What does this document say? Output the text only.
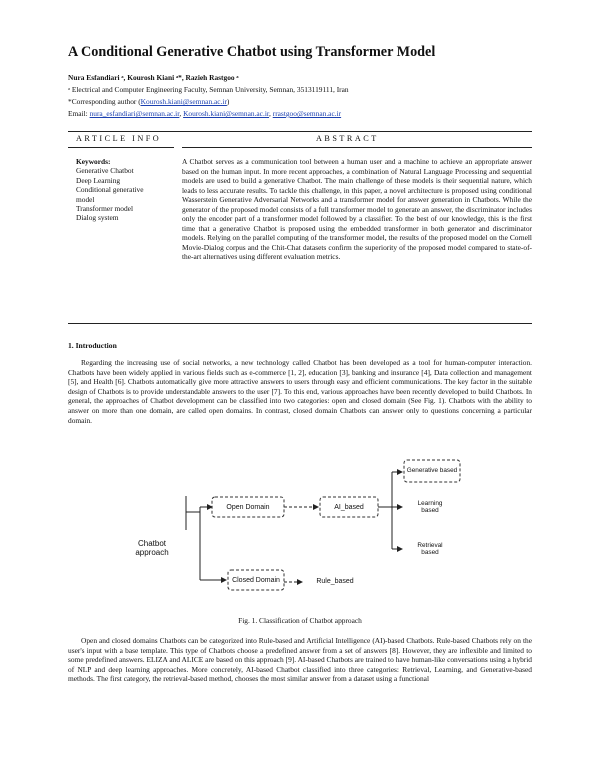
A Conditional Generative Chatbot using Transformer Model
Nura Esfandiari ᵃ, Kourosh Kiani ᵃ*, Razieh Rastgoo ᵃ
ᵃ Electrical and Computer Engineering Faculty, Semnan University, Semnan, 3513119111, Iran
*Corresponding author (Kourosh.kiani@semnan.ac.ir)
Email: nura_esfandiari@semnan.ac.ir, Kourosh.kiani@semnan.ac.ir, rrastgoo@semnan.ac.ir
ARTICLE INFO	ABSTRACT
Keywords:
Generative Chatbot
Deep Learning
Conditional generative
model
Transformer model
Dialog system
A Chatbot serves as a communication tool between a human user and a machine to achieve an appropriate answer based on the human input. In more recent approaches, a combination of Natural Language Processing and sequential models are used to build a generative Chatbot. The main challenge of these models is their sequential nature, which leads to less accurate results. To tackle this challenge, in this paper, a novel architecture is proposed using conditional Wasserstein Generative Adversarial Networks and a transformer model for answer generation in Chatbots. While the generator of the proposed model consists of a full transformer model to generate an answer, the discriminator includes only the encoder part of a transformer model followed by a classifier. To the best of our knowledge, this is the first time that a generative Chatbot is proposed using the embedded transformer in both generator and discriminator models. Relying on the parallel computing of the transformer model, the results of the proposed model on the Cornell Movie-Dialog corpus and the Chit-Chat datasets confirm the superiority of the proposed model compared to state-of-the-art alternatives using different evaluation metrics.
1. Introduction
Regarding the increasing use of social networks, a new technology called Chatbot has been developed as a tool for human-computer interaction. Chatbots have been widely applied in various fields such as e-commerce [1, 2], education [3], banking and insurance [4], Data collection and management [5], and Health [6]. Chatbots automatically give more attractive answers to users through easy and efficient communications. The key factor in the suitable design of Chatbots is to provide understandable answers to the user [7]. To this end, various approaches have been recently developed to build Chatbots. In general, the approaches of Chatbot development can be classified into two categories: open and closed domain (See Fig. 1). Chatbots with the ability to answer on more than one domain, are called open domains. In contrast, closed domain Chatbots can answer only to questions concerning a particular domain.
Chatbot approach
Open Domain
Closed Domain
AI_based
Rule_based
Generative based
Learning based
Retrieval based
Fig. 1. Classification of Chatbot approach
Open and closed domains Chatbots can be categorized into Rule-based and Artificial Intelligence (AI)-based Chatbots. Rule-based Chatbots rely on the user's input with a base template. This type of Chatbots choose a predefined answer from a set of answers [8]. However, they are inflexible and limited to some predefined answers. ELIZA and ALICE are based on this approach [9]. AI-based Chatbots are trained to have human-like conversations using a hybrid of NLP and deep learning approaches. More concretely, AI-based Chatbot classified into three categories: Retrieval, Learning, and Generative-based methods. The first category, the retrieval-based method, chooses the most similar answer from a dataset using a functional
